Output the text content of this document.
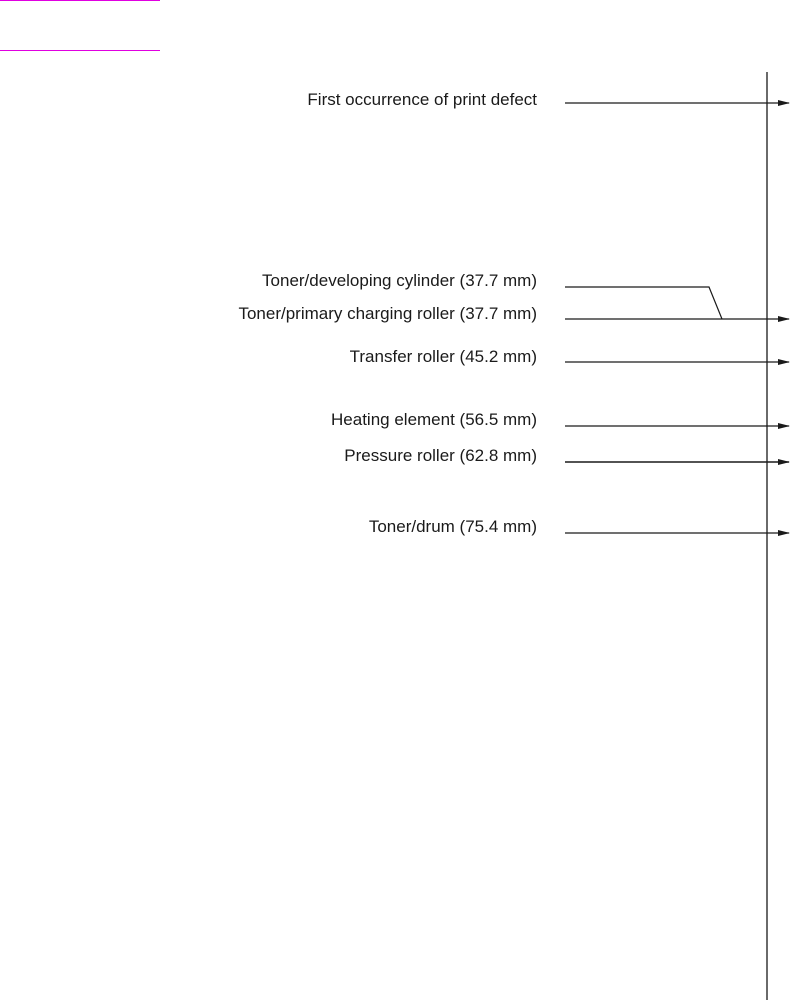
First occurrence of print defect
Toner/developing cylinder (37.7 mm)
Toner/primary charging roller (37.7 mm)
Transfer roller (45.2 mm)
Heating element (56.5 mm)
Pressure roller (62.8 mm)
Toner/drum (75.4 mm)
